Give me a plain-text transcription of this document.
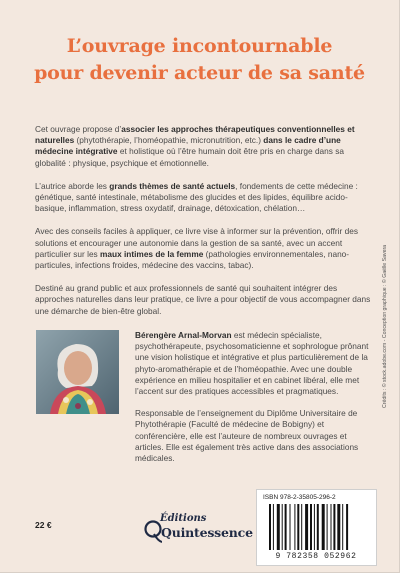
L’ouvrage incontournable
pour devenir acteur de sa santé

Cet ouvrage propose d’associer les approches thérapeutiques conventionnelles et naturelles (phytothérapie, l’homéopathie, micronutrition, etc.) dans le cadre d’une médecine intégrative et holistique où l’être humain doit être pris en charge dans sa globalité : physique, psychique et émotionnelle.

L’autrice aborde les grands thèmes de santé actuels, fondements de cette médecine : génétique, santé intestinale, métabolisme des glucides et des lipides, équilibre acido-basique, inflammation, stress oxydatif, drainage, détoxication, chélation…

Avec des conseils faciles à appliquer, ce livre vise à informer sur la prévention, offrir des solutions et encourager une autonomie dans la gestion de sa santé, avec un accent particulier sur les maux intimes de la femme (pathologies environnementales, nano-particules, infections froides, médecine des vaccins, tabac).

Destiné au grand public et aux professionnels de santé qui souhaitent intégrer des approches naturelles dans leur pratique, ce livre a pour objectif de vous accompagner dans une démarche de bien-être global.

Bérengère Arnal-Morvan est médecin spécialiste, psychothérapeute, psychosomaticienne et sophrologue prônant une vision holistique et intégrative et plus particulièrement de la phyto-aromathérapie et de l’homéopathie. Avec une double expérience en milieu hospitalier et en cabinet libéral, elle met l’accent sur des pratiques accessibles et pragmatiques.

Responsable de l’enseignement du Diplôme Universitaire de Phytothérapie (Faculté de médecine de Bobigny) et conférencière, elle est l’auteure de nombreux ouvrages et articles. Elle est également très active dans des associations médicales.

Crédits : © stock.adobe.com - Conception graphique : © Gaëlle Savera
ISBN 978-2-35805-296-2
9 782358 052962
22 €
Éditions
Quintessence
